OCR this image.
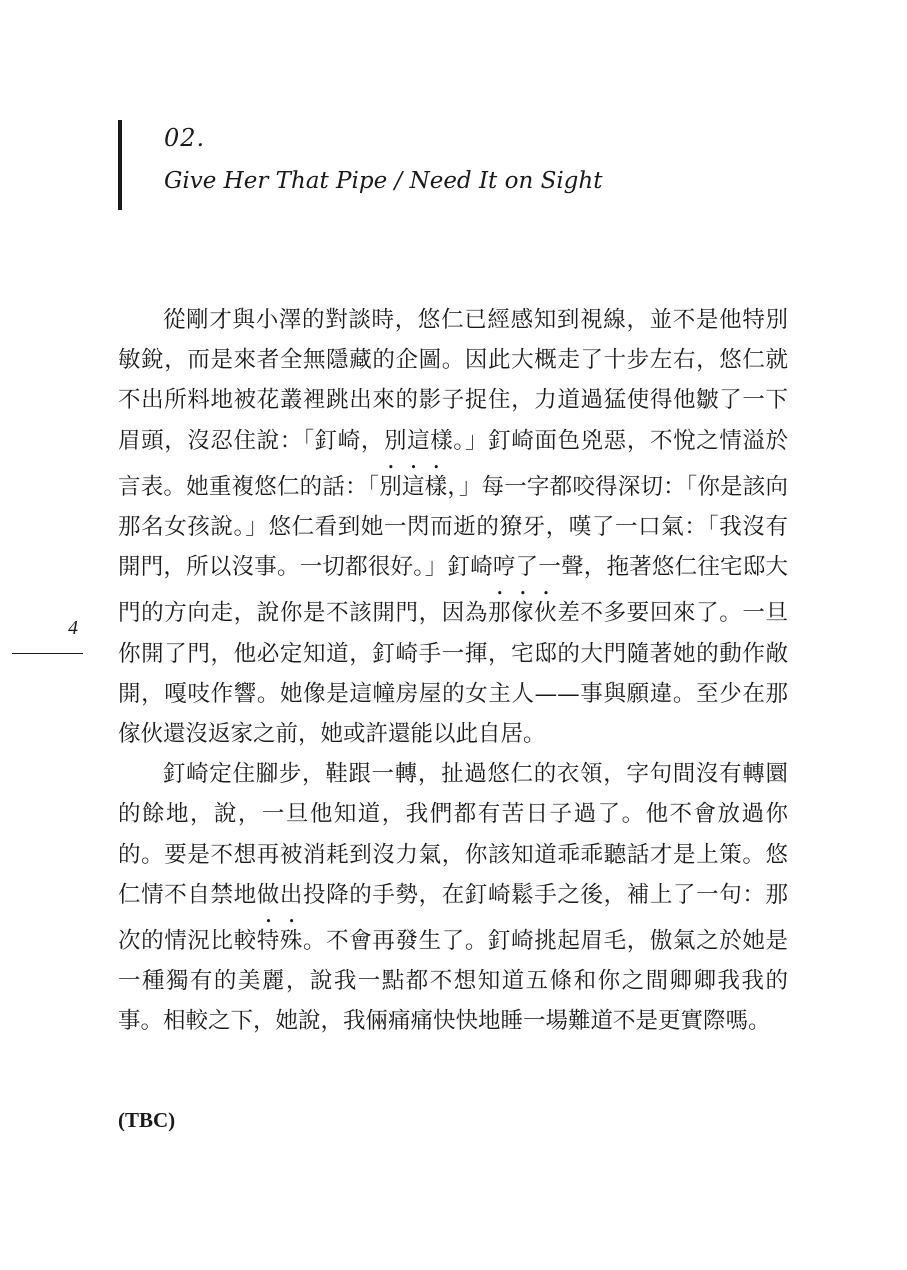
02.
Give Her That Pipe / Need It on Sight
4

從剛才與小澤的對談時，悠仁已經感知到視線，並不是他特別敏銳，而是來者全無隱藏的企圖。因此大概走了十步左右，悠仁就不出所料地被花叢裡跳出來的影子捉住，力道過猛使得他皺了一下眉頭，沒忍住說：「釘崎，別這樣。」釘崎面色兇惡，不悅之情溢於言表。她重複悠仁的話：「別這樣，」每一字都咬得深切：「你是該向那名女孩說。」悠仁看到她一閃而逝的獠牙，嘆了一口氣：「我沒有開門，所以沒事。一切都很好。」釘崎哼了一聲，拖著悠仁往宅邸大門的方向走，說你是不該開門，因為那傢伙差不多要回來了。一旦你開了門，他必定知道，釘崎手一揮，宅邸的大門隨著她的動作敞開，嘎吱作響。她像是這幢房屋的女主人——事與願違。至少在那傢伙還沒返家之前，她或許還能以此自居。

釘崎定住腳步，鞋跟一轉，扯過悠仁的衣領，字句間沒有轉圜的餘地，說，一旦他知道，我們都有苦日子過了。他不會放過你的。要是不想再被消耗到沒力氣，你該知道乖乖聽話才是上策。悠仁情不自禁地做出投降的手勢，在釘崎鬆手之後，補上了一句：那次的情況比較特殊。不會再發生了。釘崎挑起眉毛，傲氣之於她是一種獨有的美麗，說我一點都不想知道五條和你之間卿卿我我的事。相較之下，她說，我倆痛痛快快地睡一場難道不是更實際嗎。

(TBC)
